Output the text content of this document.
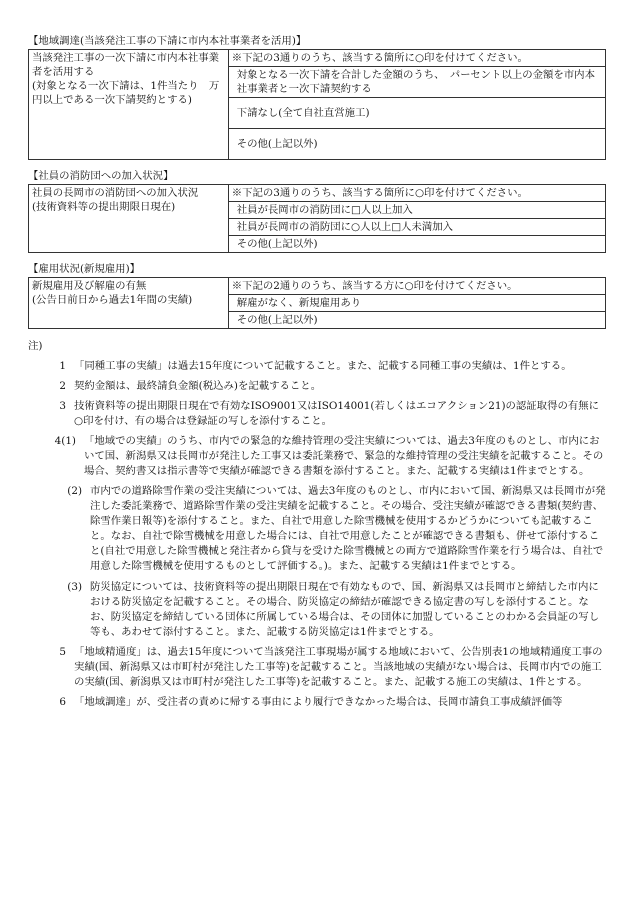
【地域調達(当該発注工事の下請に市内本社事業者を活用)】
当該発注工事の一次下請に市内本社事業者を活用する
(対象となる一次下請は、1件当たり　万円以上である一次下請契約とする)
	※下記の3通りのうち、該当する箇所に○印を付けてください。
対象となる一次下請を合計した金額のうち、　パーセント以上の金額を市内本社事業者と一次下請契約する
下請なし(全て自社直営施工)
その他(上記以外)
【社員の消防団への加入状況】
社員の長岡市の消防団への加入状況
(技術資料等の提出期限日現在)
	※下記の3通りのうち、該当する箇所に○印を付けてください。
社員が長岡市の消防団に□人以上加入
社員が長岡市の消防団に○人以上□人未満加入
その他(上記以外)
【雇用状況(新規雇用)】
新規雇用及び解雇の有無
(公告日前日から過去1年間の実績)
	※下記の2通りのうち、該当する方に○印を付けてください。
解雇がなく、新規雇用あり
その他(上記以外)
注)
1 「同種工事の実績」は過去15年度について記載すること。また、記載する同種工事の実績は、1件とする。
2 契約金額は、最終請負金額(税込み)を記載すること。
3 技術資料等の提出期限日現在で有効なISO9001又はISO14001(若しくはエコアクション21)の認証取得の有無に○印を付け、有の場合は登録証の写しを添付すること。
4(1) 「地域での実績」のうち、市内での緊急的な維持管理の受注実績については、過去3年度のものとし、市内において国、新潟県又は長岡市が発注した工事又は委託業務で、緊急的な維持管理の受注実績を記載すること。その場合、契約書又は指示書等で実績が確認できる書類を添付すること。また、記載する実績は1件までとする。
(2) 市内での道路除雪作業の受注実績については、過去3年度のものとし、市内において国、新潟県又は長岡市が発注した委託業務で、道路除雪作業の受注実績を記載すること。その場合、受注実績が確認できる書類(契約書、除雪作業日報等)を添付すること。また、自社で用意した除雪機械を使用するかどうかについても記載すること。なお、自社で除雪機械を用意した場合には、自社で用意したことが確認できる書類も、併せて添付すること(自社で用意した除雪機械と発注者から貸与を受けた除雪機械との両方で道路除雪作業を行う場合は、自社で用意した除雪機械を使用するものとして評価する。)。また、記載する実績は1件までとする。
(3) 防災協定については、技術資料等の提出期限日現在で有効なもので、国、新潟県又は長岡市と締結した市内における防災協定を記載すること。その場合、防災協定の締結が確認できる協定書の写しを添付すること。なお、防災協定を締結している団体に所属している場合は、その団体に加盟していることのわかる会員証の写し等も、あわせて添付すること。また、記載する防災協定は1件までとする。
5 「地域精通度」は、過去15年度について当該発注工事現場が属する地域において、公告別表1の地域精通度工事の実績(国、新潟県又は市町村が発注した工事等)を記載すること。当該地域の実績がない場合は、長岡市内での施工の実績(国、新潟県又は市町村が発注した工事等)を記載すること。また、記載する施工の実績は、1件とする。
6 「地域調達」が、受注者の責めに帰する事由により履行できなかった場合は、長岡市請負工事成績評価等
